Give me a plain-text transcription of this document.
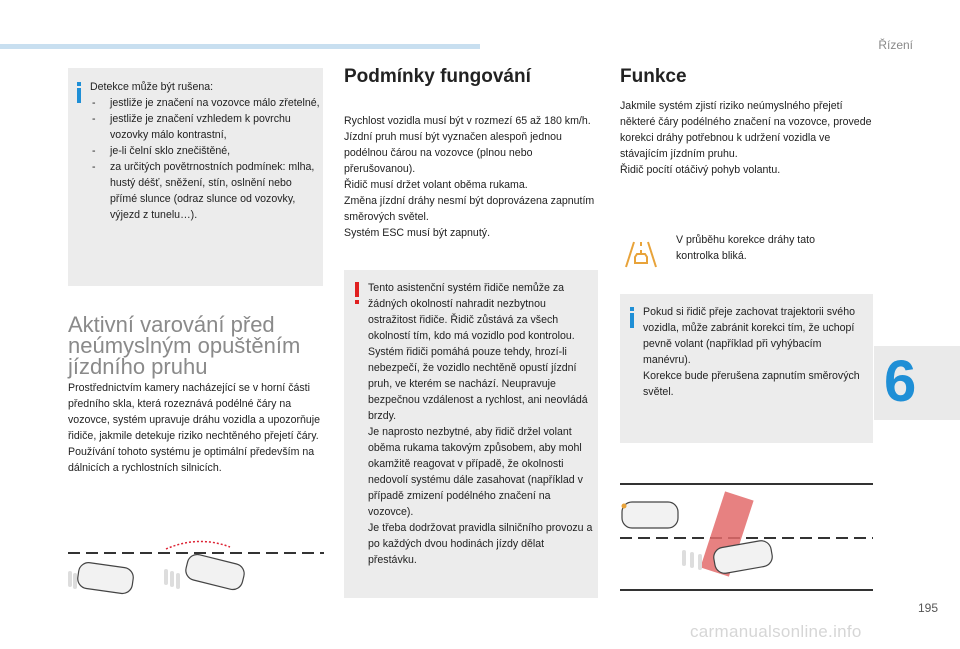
Řízení
6
Detekce může být rušena:
- jestliže je značení na vozovce málo zřetelné,
- jestliže je značení vzhledem k povrchu vozovky málo kontrastní,
- je-li čelní sklo znečištěné,
- za určitých povětrnostních podmínek: mlha, hustý déšť, sněžení, stín, oslnění nebo přímé slunce (odraz slunce od vozovky, výjezd z tunelu…).
Aktivní varování před neúmyslným opuštěním jízdního pruhu
Prostřednictvím kamery nacházející se v horní části předního skla, která rozeznává podélné čáry na vozovce, systém upravuje dráhu vozidla a upozorňuje řidiče, jakmile detekuje riziko nechtěného přejetí čáry.
Používání tohoto systému je optimální především na dálnicích a rychlostních silnicích.
Podmínky fungování
Rychlost vozidla musí být v rozmezí 65 až 180 km/h.
Jízdní pruh musí být vyznačen alespoň jednou podélnou čárou na vozovce (plnou nebo přerušovanou).
Řidič musí držet volant oběma rukama.
Změna jízdní dráhy nesmí být doprovázena zapnutím směrových světel.
Systém ESC musí být zapnutý.
Tento asistenční systém řidiče nemůže za žádných okolností nahradit nezbytnou ostražitost řidiče. Řidič zůstává za všech okolností tím, kdo má vozidlo pod kontrolou.
Systém řidiči pomáhá pouze tehdy, hrozí-li nebezpečí, že vozidlo nechtěně opustí jízdní pruh, ve kterém se nachází. Neupravuje bezpečnou vzdálenost a rychlost, ani neovládá brzdy.
Je naprosto nezbytné, aby řidič držel volant oběma rukama takovým způsobem, aby mohl okamžitě reagovat v případě, že okolnosti nedovolí systému dále zasahovat (například v případě zmizení podélného značení na vozovce).
Je třeba dodržovat pravidla silničního provozu a po každých dvou hodinách jízdy dělat přestávku.
Funkce
Jakmile systém zjistí riziko neúmyslného přejetí některé čáry podélného značení na vozovce, provede korekci dráhy potřebnou k udržení vozidla ve stávajícím jízdním pruhu.
Řidič pocítí otáčivý pohyb volantu.
V průběhu korekce dráhy tato kontrolka bliká.
Pokud si řidič přeje zachovat trajektorii svého vozidla, může zabránit korekci tím, že uchopí pevně volant (například při vyhýbacím manévru).
Korekce bude přerušena zapnutím směrových světel.
195
carmanualsonline.info
